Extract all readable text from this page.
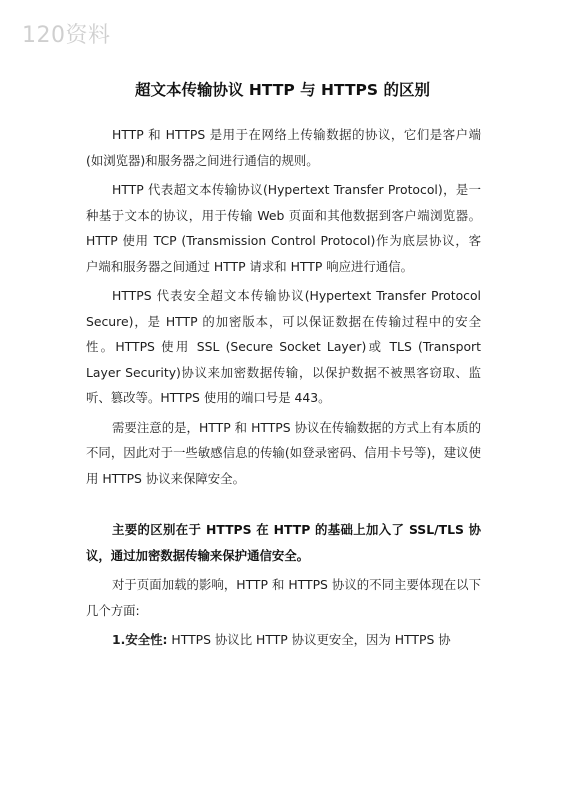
120资料
超文本传输协议 HTTP 与 HTTPS 的区别

HTTP 和 HTTPS 是用于在网络上传输数据的协议，它们是客户端(如浏览器)和服务器之间进行通信的规则。

HTTP 代表超文本传输协议(Hypertext Transfer Protocol)，是一种基于文本的协议，用于传输 Web 页面和其他数据到客户端浏览器。HTTP 使用 TCP (Transmission Control Protocol)作为底层协议，客户端和服务器之间通过 HTTP 请求和 HTTP 响应进行通信。

HTTPS 代表安全超文本传输协议(Hypertext Transfer Protocol Secure)，是 HTTP 的加密版本，可以保证数据在传输过程中的安全性。HTTPS 使用 SSL (Secure Socket Layer)或 TLS (Transport Layer Security)协议来加密数据传输，以保护数据不被黑客窃取、监听、篡改等。HTTPS 使用的端口号是 443。

需要注意的是，HTTP 和 HTTPS 协议在传输数据的方式上有本质的不同，因此对于一些敏感信息的传输(如登录密码、信用卡号等)，建议使用 HTTPS 协议来保障安全。

主要的区别在于 HTTPS 在 HTTP 的基础上加入了 SSL/TLS 协议，通过加密数据传输来保护通信安全。

对于页面加载的影响，HTTP 和 HTTPS 协议的不同主要体现在以下几个方面:

1.安全性: HTTPS 协议比 HTTP 协议更安全，因为 HTTPS 协
